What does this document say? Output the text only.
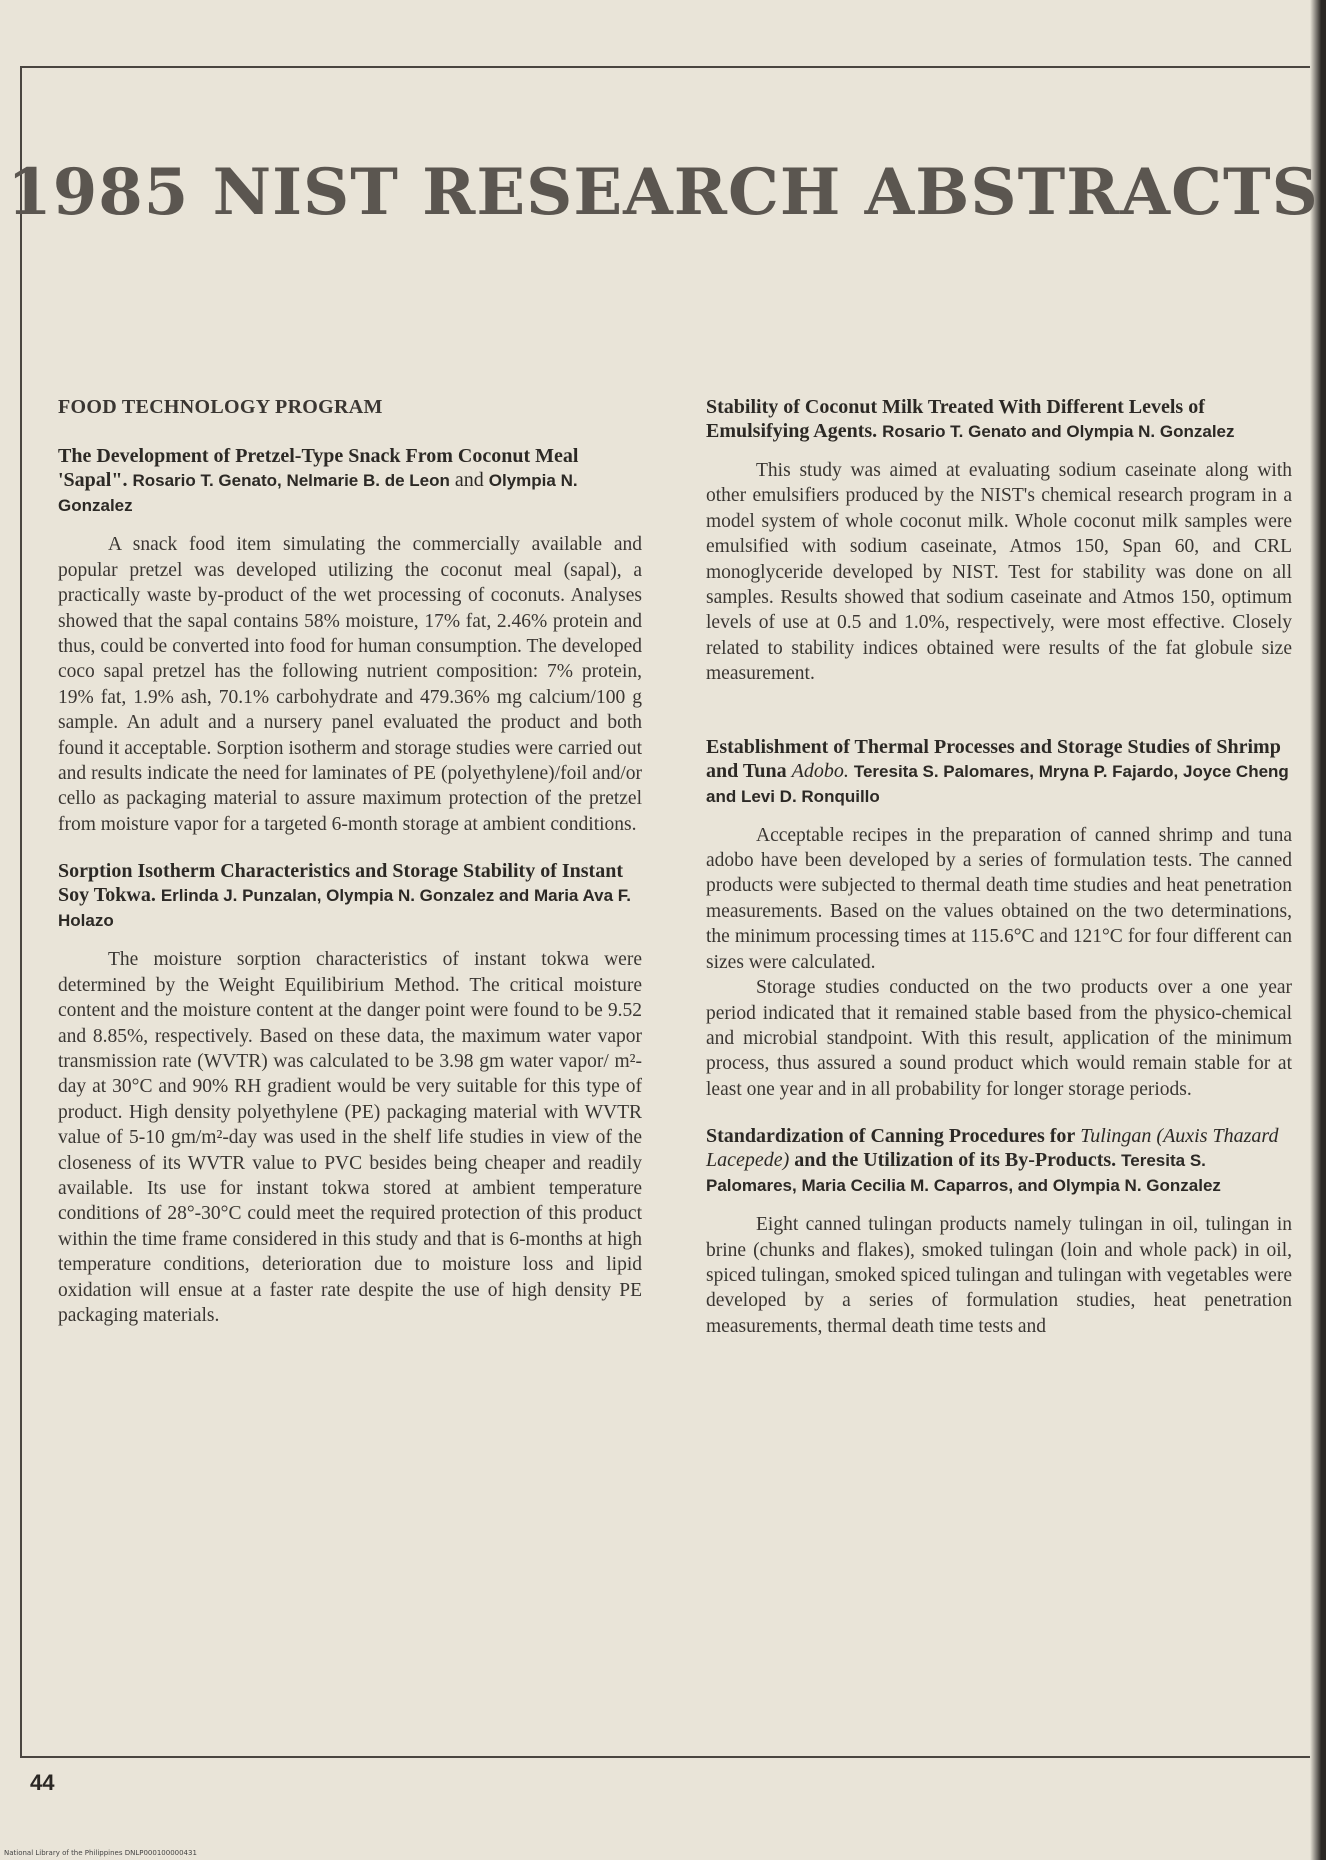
1985 NIST RESEARCH ABSTRACTS
FOOD TECHNOLOGY PROGRAM
The Development of Pretzel-Type Snack From Coconut Meal 'Sapal". Rosario T. Genato, Nelmarie B. de Leon and Olympia N. Gonzalez

A snack food item simulating the commercially available and popular pretzel was developed utilizing the coconut meal (sapal), a practically waste by-product of the wet processing of coconuts. Analyses showed that the sapal contains 58% moisture, 17% fat, 2.46% protein and thus, could be converted into food for human consumption. The developed coco sapal pretzel has the following nutrient composition: 7% protein, 19% fat, 1.9% ash, 70.1% carbohydrate and 479.36% mg calcium/100 g sample. An adult and a nursery panel evaluated the product and both found it acceptable. Sorption isotherm and storage studies were carried out and results indicate the need for laminates of PE (polyethylene)/foil and/or cello as packaging material to assure maximum protection of the pretzel from moisture vapor for a targeted 6-month storage at ambient conditions.

Sorption Isotherm Characteristics and Storage Stability of Instant Soy Tokwa. Erlinda J. Punzalan, Olympia N. Gonzalez and Maria Ava F. Holazo

The moisture sorption characteristics of instant tokwa were determined by the Weight Equilibirium Method. The critical moisture content and the moisture content at the danger point were found to be 9.52 and 8.85%, respectively. Based on these data, the maximum water vapor transmission rate (WVTR) was calculated to be 3.98 gm water vapor/ m²-day at 30°C and 90% RH gradient would be very suitable for this type of product. High density polyethylene (PE) packaging material with WVTR value of 5-10 gm/m²-day was used in the shelf life studies in view of the closeness of its WVTR value to PVC besides being cheaper and readily available. Its use for instant tokwa stored at ambient temperature conditions of 28°-30°C could meet the required protection of this product within the time frame considered in this study and that is 6-months at high temperature conditions, deterioration due to moisture loss and lipid oxidation will ensue at a faster rate despite the use of high density PE packaging materials.

Stability of Coconut Milk Treated With Different Levels of Emulsifying Agents. Rosario T. Genato and Olympia N. Gonzalez

This study was aimed at evaluating sodium caseinate along with other emulsifiers produced by the NIST's chemical research program in a model system of whole coconut milk. Whole coconut milk samples were emulsified with sodium caseinate, Atmos 150, Span 60, and CRL monoglyceride developed by NIST. Test for stability was done on all samples. Results showed that sodium caseinate and Atmos 150, optimum levels of use at 0.5 and 1.0%, respectively, were most effective. Closely related to stability indices obtained were results of the fat globule size measurement.

Establishment of Thermal Processes and Storage Studies of Shrimp and Tuna Adobo. Teresita S. Palomares, Mryna P. Fajardo, Joyce Cheng and Levi D. Ronquillo

Acceptable recipes in the preparation of canned shrimp and tuna adobo have been developed by a series of formulation tests. The canned products were subjected to thermal death time studies and heat penetration measurements. Based on the values obtained on the two determinations, the minimum processing times at 115.6°C and 121°C for four different can sizes were calculated.

Storage studies conducted on the two products over a one year period indicated that it remained stable based from the physico-chemical and microbial standpoint. With this result, application of the minimum process, thus assured a sound product which would remain stable for at least one year and in all probability for longer storage periods.

Standardization of Canning Procedures for Tulingan (Auxis Thazard Lacepede) and the Utilization of its By-Products. Teresita S. Palomares, Maria Cecilia M. Caparros, and Olympia N. Gonzalez

Eight canned tulingan products namely tulingan in oil, tulingan in brine (chunks and flakes), smoked tulingan (loin and whole pack) in oil, spiced tulingan, smoked spiced tulingan and tulingan with vegetables were developed by a series of formulation studies, heat penetration measurements, thermal death time tests and

44
National Library of the Philippines DNLP000100000431
